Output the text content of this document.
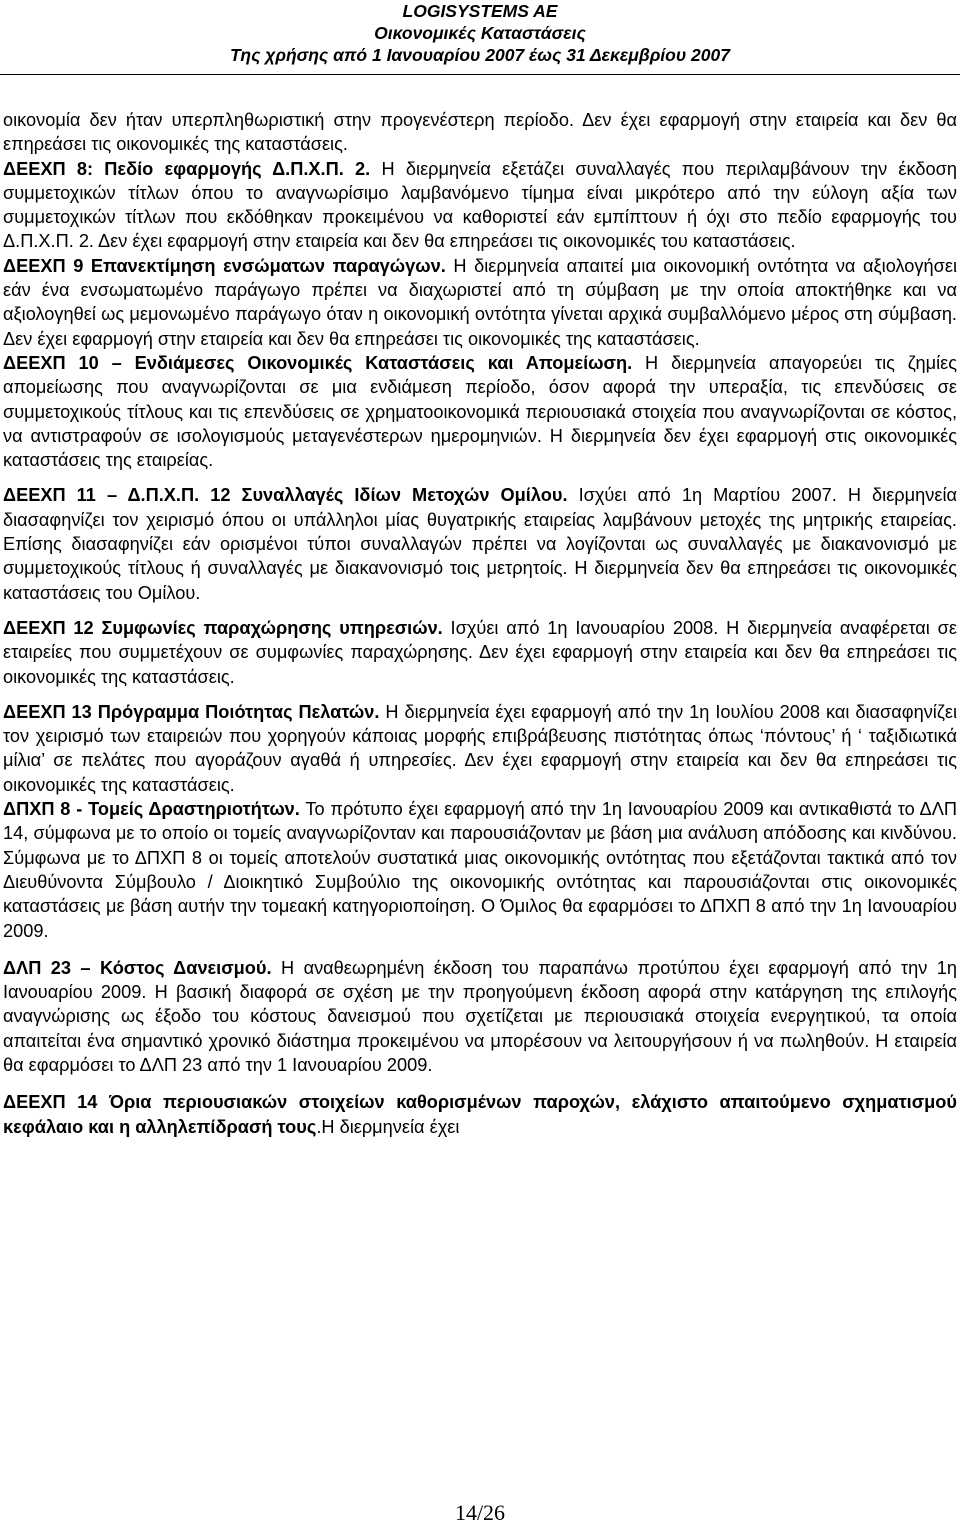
LOGISYSTEMS AE
Οικονομικές Καταστάσεις
Της χρήσης από 1 Ιανουαρίου 2007 έως 31 Δεκεμβρίου 2007

οικονομία δεν ήταν υπερπληθωριστική στην προγενέστερη περίοδο. Δεν έχει εφαρμογή στην εταιρεία και δεν θα επηρεάσει τις οικονομικές της καταστάσεις.

ΔΕΕΧΠ 8: Πεδίο εφαρμογής Δ.Π.Χ.Π. 2. Η διερμηνεία εξετάζει συναλλαγές που περιλαμβάνουν την έκδοση συμμετοχικών τίτλων όπου το αναγνωρίσιμο λαμβανόμενο τίμημα είναι μικρότερο από την εύλογη αξία των συμμετοχικών τίτλων που εκδόθηκαν προκειμένου να καθοριστεί εάν εμπίπτουν ή όχι στο πεδίο εφαρμογής του Δ.Π.Χ.Π. 2. Δεν έχει εφαρμογή στην εταιρεία και δεν θα επηρεάσει τις οικονομικές του καταστάσεις.

ΔΕΕΧΠ 9 Επανεκτίμηση ενσώματων παραγώγων. Η διερμηνεία απαιτεί μια οικονομική οντότητα να αξιολογήσει εάν ένα ενσωματωμένο παράγωγο πρέπει να διαχωριστεί από τη σύμβαση με την οποία αποκτήθηκε και να αξιολογηθεί ως μεμονωμένο παράγωγο όταν η οικονομική οντότητα γίνεται αρχικά συμβαλλόμενο μέρος στη σύμβαση. Δεν έχει εφαρμογή στην εταιρεία και δεν θα επηρεάσει τις οικονομικές της καταστάσεις.

ΔΕΕΧΠ 10 – Ενδιάμεσες Οικονομικές Καταστάσεις και Απομείωση. Η διερμηνεία απαγορεύει τις ζημίες απομείωσης που αναγνωρίζονται σε μια ενδιάμεση περίοδο, όσον αφορά την υπεραξία, τις επενδύσεις σε συμμετοχικούς τίτλους και τις επενδύσεις σε χρηματοοικονομικά περιουσιακά στοιχεία που αναγνωρίζονται σε κόστος, να αντιστραφούν σε ισολογισμούς μεταγενέστερων ημερομηνιών. Η διερμηνεία δεν έχει εφαρμογή στις οικονομικές καταστάσεις της εταιρείας.

ΔΕΕΧΠ 11 – Δ.Π.Χ.Π. 12 Συναλλαγές Ιδίων Μετοχών Ομίλου. Ισχύει από 1η Μαρτίου 2007. Η διερμηνεία διασαφηνίζει τον χειρισμό όπου οι υπάλληλοι μίας θυγατρικής εταιρείας λαμβάνουν μετοχές της μητρικής εταιρείας. Επίσης διασαφηνίζει εάν ορισμένοι τύποι συναλλαγών πρέπει να λογίζονται ως συναλλαγές με διακανονισμό με συμμετοχικούς τίτλους ή συναλλαγές με διακανονισμό τοις μετρητοίς. Η διερμηνεία δεν θα επηρεάσει τις οικονομικές καταστάσεις του Ομίλου.

ΔΕΕΧΠ 12 Συμφωνίες παραχώρησης υπηρεσιών. Ισχύει από 1η Ιανουαρίου 2008. Η διερμηνεία αναφέρεται σε εταιρείες που συμμετέχουν σε συμφωνίες παραχώρησης. Δεν έχει εφαρμογή στην εταιρεία και δεν θα επηρεάσει τις οικονομικές της καταστάσεις.

ΔΕΕΧΠ 13 Πρόγραμμα Ποιότητας Πελατών. Η διερμηνεία έχει εφαρμογή από την 1η Ιουλίου 2008 και διασαφηνίζει τον χειρισμό των εταιρειών που χορηγούν κάποιας μορφής επιβράβευσης πιστότητας όπως ‘πόντους’ ή ‘ ταξιδιωτικά μίλια’ σε πελάτες που αγοράζουν αγαθά ή υπηρεσίες. Δεν έχει εφαρμογή στην εταιρεία και δεν θα επηρεάσει τις οικονομικές της καταστάσεις.

ΔΠΧΠ 8 - Τομείς Δραστηριοτήτων. Το πρότυπο έχει εφαρμογή από την 1η Ιανουαρίου 2009 και αντικαθιστά το ΔΛΠ 14, σύμφωνα με το οποίο οι τομείς αναγνωρίζονταν και παρουσιάζονταν με βάση μια ανάλυση απόδοσης και κινδύνου. Σύμφωνα με το ΔΠΧΠ 8 οι τομείς αποτελούν συστατικά μιας οικονομικής οντότητας που εξετάζονται τακτικά από τον Διευθύνοντα Σύμβουλο / Διοικητικό Συμβούλιο της οικονομικής οντότητας και παρουσιάζονται στις οικονομικές καταστάσεις με βάση αυτήν την τομεακή κατηγοριοποίηση. Ο Όμιλος θα εφαρμόσει το ΔΠΧΠ 8 από την 1η Ιανουαρίου 2009.

ΔΛΠ 23 – Κόστος Δανεισμού. Η αναθεωρημένη έκδοση του παραπάνω προτύπου έχει εφαρμογή από την 1η Ιανουαρίου 2009. Η βασική διαφορά σε σχέση με την προηγούμενη έκδοση αφορά στην κατάργηση της επιλογής αναγνώρισης ως έξοδο του κόστους δανεισμού που σχετίζεται με περιουσιακά στοιχεία ενεργητικού, τα οποία απαιτείται ένα σημαντικό χρονικό διάστημα προκειμένου να μπορέσουν να λειτουργήσουν ή να πωληθούν. Η εταιρεία θα εφαρμόσει το ΔΛΠ 23 από την 1 Ιανουαρίου 2009.

ΔΕΕΧΠ 14 Όρια περιουσιακών στοιχείων καθορισμένων παροχών, ελάχιστο απαιτούμενο σχηματισμού κεφάλαιο και η αλληλεπίδρασή τους.Η διερμηνεία έχει

14/26
